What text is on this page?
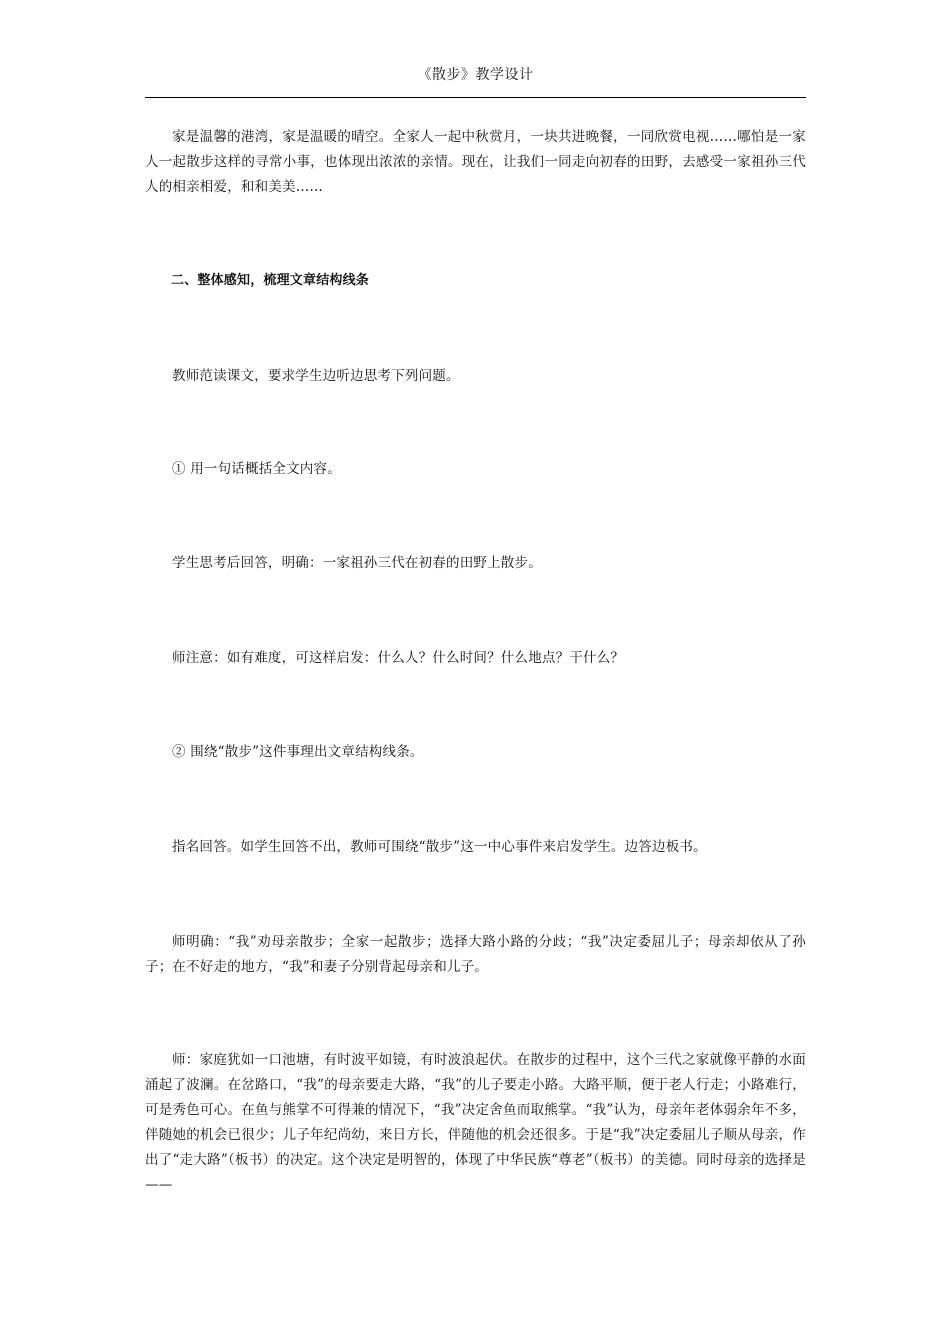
《散步》教学设计

家是温馨的港湾，家是温暖的晴空。全家人一起中秋赏月，一块共进晚餐，一同欣赏电视……哪怕是一家人一起散步这样的寻常小事，也体现出浓浓的亲情。现在，让我们一同走向初春的田野，去感受一家祖孙三代人的相亲相爱，和和美美……

二、整体感知，梳理文章结构线条

教师范读课文，要求学生边听边思考下列问题。

① 用一句话概括全文内容。

学生思考后回答，明确：一家祖孙三代在初春的田野上散步。

师注意：如有难度，可这样启发：什么人？什么时间？什么地点？干什么？

② 围绕“散步”这件事理出文章结构线条。

指名回答。如学生回答不出，教师可围绕“散步”这一中心事件来启发学生。边答边板书。

师明确：“我”劝母亲散步；全家一起散步；选择大路小路的分歧；“我”决定委屈儿子；母亲却依从了孙子；在不好走的地方，“我”和妻子分别背起母亲和儿子。

师：家庭犹如一口池塘，有时波平如镜，有时波浪起伏。在散步的过程中，这个三代之家就像平静的水面涌起了波澜。在岔路口，“我”的母亲要走大路，“我”的儿子要走小路。大路平顺，便于老人行走；小路难行，可是秀色可心。在鱼与熊掌不可得兼的情况下，“我”决定舍鱼而取熊掌。“我”认为，母亲年老体弱余年不多，伴随她的机会已很少；儿子年纪尚幼，来日方长，伴随他的机会还很多。于是“我”决定委屈儿子顺从母亲，作出了“走大路”（板书）的决定。这个决定是明智的，体现了中华民族“尊老”（板书）的美德。同时母亲的选择是——
